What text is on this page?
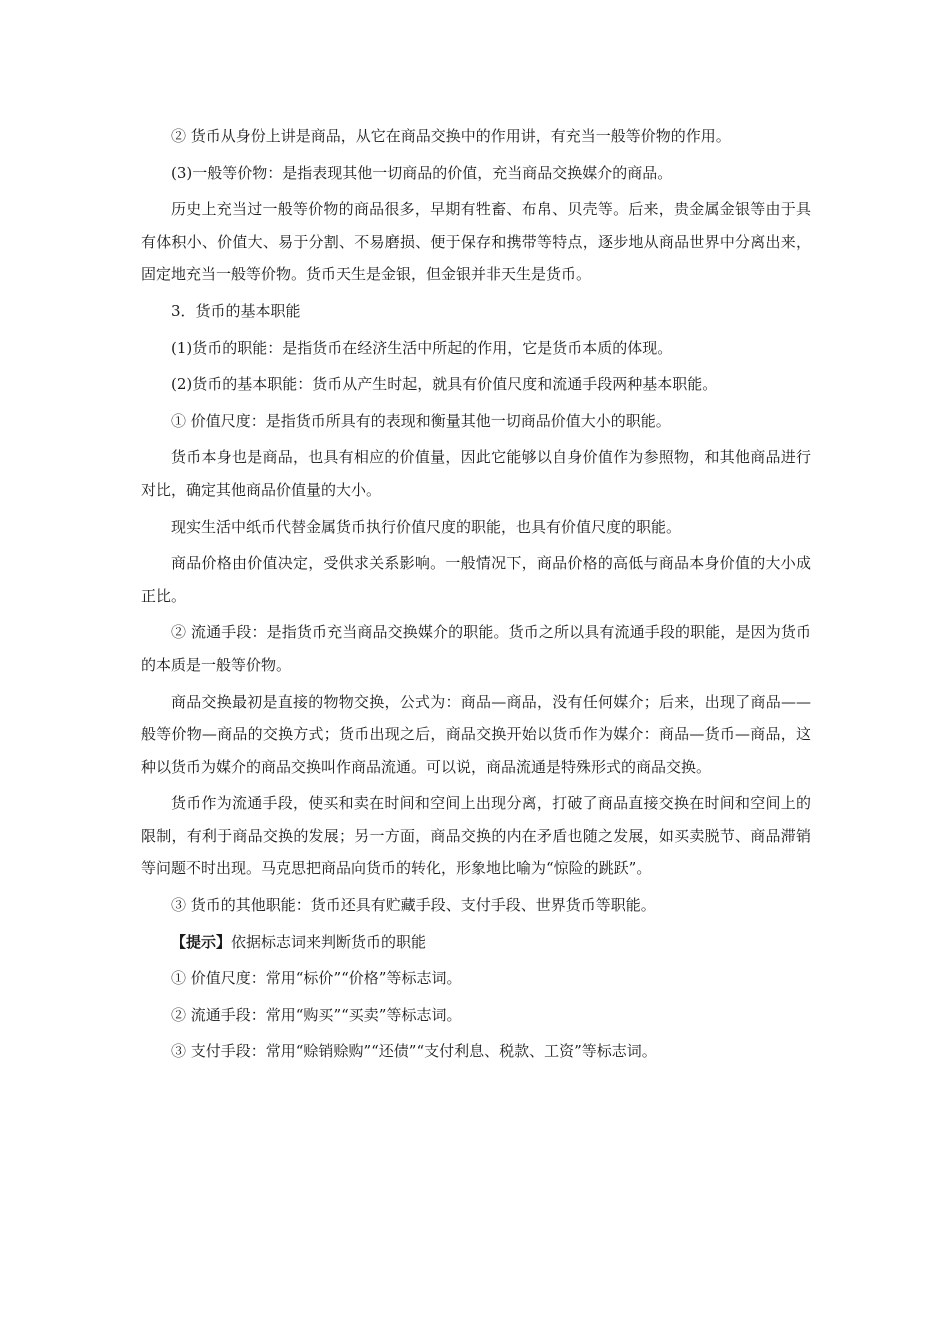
② 货币从身份上讲是商品，从它在商品交换中的作用讲，有充当一般等价物的作用。

(3)一般等价物：是指表现其他一切商品的价值，充当商品交换媒介的商品。

历史上充当过一般等价物的商品很多，早期有牲畜、布帛、贝壳等。后来，贵金属金银等由于具有体积小、价值大、易于分割、不易磨损、便于保存和携带等特点，逐步地从商品世界中分离出来，固定地充当一般等价物。货币天生是金银，但金银并非天生是货币。

3．货币的基本职能

(1)货币的职能：是指货币在经济生活中所起的作用，它是货币本质的体现。

(2)货币的基本职能：货币从产生时起，就具有价值尺度和流通手段两种基本职能。

① 价值尺度：是指货币所具有的表现和衡量其他一切商品价值大小的职能。

货币本身也是商品，也具有相应的价值量，因此它能够以自身价值作为参照物，和其他商品进行对比，确定其他商品价值量的大小。

现实生活中纸币代替金属货币执行价值尺度的职能，也具有价值尺度的职能。

商品价格由价值决定，受供求关系影响。一般情况下，商品价格的高低与商品本身价值的大小成正比。

② 流通手段：是指货币充当商品交换媒介的职能。货币之所以具有流通手段的职能，是因为货币的本质是一般等价物。

商品交换最初是直接的物物交换，公式为：商品—商品，没有任何媒介；后来，出现了商品——般等价物—商品的交换方式；货币出现之后，商品交换开始以货币作为媒介：商品—货币—商品，这种以货币为媒介的商品交换叫作商品流通。可以说，商品流通是特殊形式的商品交换。

货币作为流通手段，使买和卖在时间和空间上出现分离，打破了商品直接交换在时间和空间上的限制，有利于商品交换的发展；另一方面，商品交换的内在矛盾也随之发展，如买卖脱节、商品滞销等问题不时出现。马克思把商品向货币的转化，形象地比喻为“惊险的跳跃”。

③ 货币的其他职能：货币还具有贮藏手段、支付手段、世界货币等职能。

【提示】依据标志词来判断货币的职能

① 价值尺度：常用“标价”“价格”等标志词。

② 流通手段：常用“购买”“买卖”等标志词。

③ 支付手段：常用“赊销赊购”“还债”“支付利息、税款、工资”等标志词。
